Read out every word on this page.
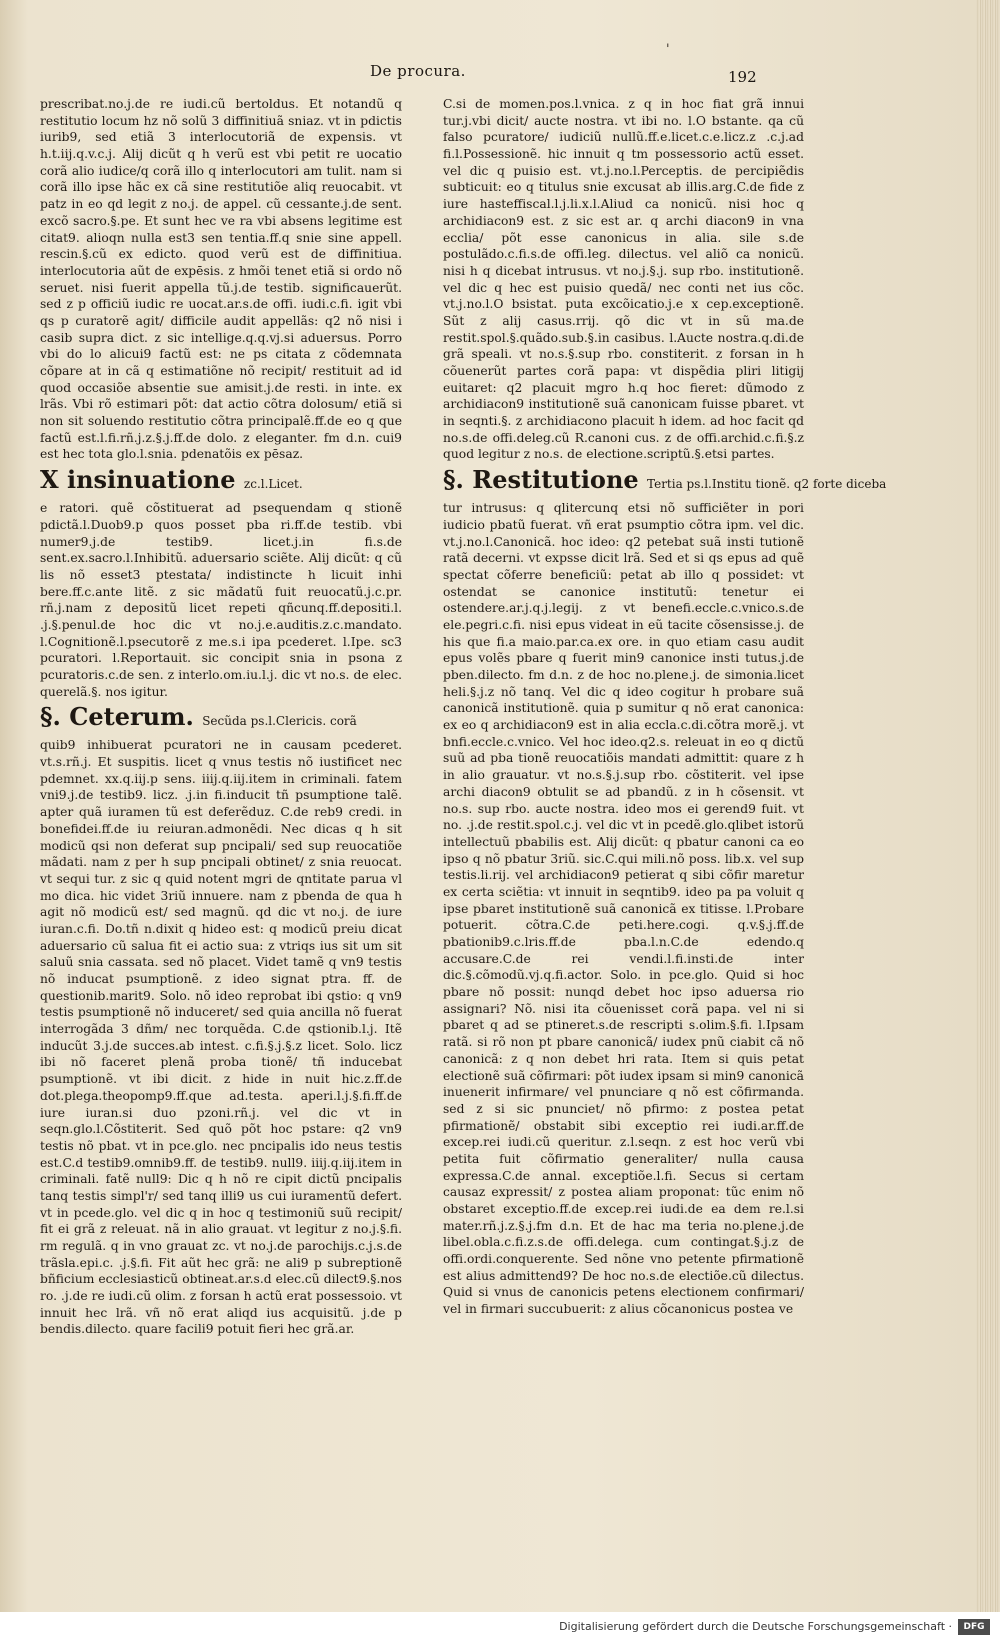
De procura.
'
192

prescribat.no.j.de re iudi.cũ bertoldus. Et notandũ q restitutio locum hz nõ solũ 3 diffinitiuã sniaz. vt in pdictis iurib9, sed etiã 3 interlocutoriã de expensis. vt h.t.iij.q.v.c.j. Alij dicũt q h verũ est vbi petit re uocatio corã alio iudice/q corã illo q interlocutori am tulit. nam si corã illo ipse hãc ex cã sine restitutiõe aliq reuocabit. vt patz in eo qd legit z no.j. de appel. cũ cessante.j.de sent. excõ sacro.§.pe. Et sunt hec ve ra vbi absens legitime est citat9. alioqn nulla est3 sen tentia.ff.q snie sine appell. rescin.§.cũ ex edicto. quod verũ est de diffinitiua. interlocutoria aũt de expēsis. z hmõi tenet etiã si ordo nõ seruet. nisi fuerit appella tũ.j.de testib. significauerũt. sed z p officiũ iudic re uocat.ar.s.de offi. iudi.c.fi. igit vbi qs p curatorẽ agit/ difficile audit appellãs: q2 nõ nisi i casib supra dict. z sic intellige.q.q.vj.si aduersus. Porro vbi do lo alicui9 factũ est: ne ps citata z cõdemnata cõpare at in cã q estimatiõne nõ recipit/ restituit ad id quod occasiõe absentie sue amisit.j.de resti. in inte. ex lrãs. Vbi rõ estimari põt: dat actio cõtra dolosum/ etiã si non sit soluendo restitutio cõtra principalẽ.ff.de eo q que factũ est.l.fi.rñ.j.z.§.j.ff.de dolo. z eleganter. fm d.n. cui9 est hec tota glo.l.snia. pdenatõis ex pēsaz.

X insinuatione zc.l.Licet.

e ratori. quẽ cõstituerat ad psequendam q stionẽ pdictã.l.Duob9.p quos posset pba ri.ff.de testib. vbi numer9.j.de testib9. licet.j.in fi.s.de sent.ex.sacro.l.Inhibitũ. aduersario sciẽte. Alij dicũt: q cũ lis nõ esset3 ptestata/ indistincte h licuit inhi bere.ff.c.ante litẽ. z sic mãdatũ fuit reuocatũ.j.c.pr. rñ.j.nam z depositũ licet repeti qñcunq.ff.depositi.l. .j.§.penul.de hoc dic vt no.j.e.auditis.z.c.mandato. l.Cognitionẽ.l.psecutorẽ z me.s.i ipa pcederet. l.Ipe. sc3 pcuratori. l.Reportauit. sic concipit snia in psona z pcuratoris.c.de sen. z interlo.om.iu.l.j. dic vt no.s. de elec. querelã.§. nos igitur.

§. Ceterum. Secũda ps.l.Clericis. corã

quib9 inhibuerat pcuratori ne in causam pcederet. vt.s.rñ.j. Et suspitis. licet q vnus testis nõ iustificet nec pdemnet. xx.q.iij.p sens. iiij.q.iij.item in criminali. fatem vni9.j.de testib9. licz. .j.in fi.inducit tñ psumptione talẽ. apter quã iuramen tũ est deferẽduz. C.de reb9 credi. in bonefidei.ff.de iu reiuran.admonẽdi. Nec dicas q h sit modicũ qsi non deferat sup pncipali/ sed sup reuocatiõe mãdati. nam z per h sup pncipali obtinet/ z snia reuocat. vt sequi tur. z sic q quid notent mgri de qntitate parua vl mo dica. hic videt 3riũ innuere. nam z pbenda de qua h agit nõ modicũ est/ sed magnũ. qd dic vt no.j. de iure iuran.c.fi. Do.tñ n.dixit q hideo est: q modicũ preiu dicat aduersario cũ salua fit ei actio sua: z vtriqs ius sit um sit saluũ snia cassata. sed nõ placet. Videt tamẽ q vn9 testis nõ inducat psumptionẽ. z ideo signat ptra. ff. de questionib.marit9. Solo. nõ ideo reprobat ibi qstio: q vn9 testis psumptionẽ nõ induceret/ sed quia ancilla nõ fuerat interrogãda 3 dñm/ nec torquẽda. C.de qstionib.l.j. Itẽ inducũt 3.j.de succes.ab intest. c.fi.§.j.§.z licet. Solo. licz ibi nõ faceret plenã proba tionẽ/ tñ inducebat psumptionẽ. vt ibi dicit. z hide in nuit hic.z.ff.de dot.plega.theopomp9.ff.que ad.testa. aperi.l.j.§.fi.ff.de iure iuran.si duo pzoni.rñ.j. vel dic vt in seqn.glo.l.Cõstiterit. Sed quõ põt hoc pstare: q2 vn9 testis nõ pbat. vt in pce.glo. nec pncipalis ido neus testis est.C.d testib9.omnib9.ff. de testib9. null9. iiij.q.iij.item in criminali. fatẽ null9: Dic q h nõ re cipit dictũ pncipalis tanq testis simpl'r/ sed tanq illi9 us cui iuramentũ defert. vt in pcede.glo. vel dic q in hoc q testimoniũ suũ recipit/ fit ei grã z releuat. nã in alio grauat. vt legitur z no.j.§.fi. rm regulã. q in vno grauat zc. vt no.j.de parochijs.c.j.s.de trãsla.epi.c. .j.§.fi. Fit aũt hec grã: ne ali9 p subreptionẽ bñficium ecclesiasticũ obtineat.ar.s.d elec.cũ dilect9.§.nos ro. .j.de re iudi.cũ olim. z forsan h actũ erat possessoio. vt innuit hec lrã. vñ nõ erat aliqd ius acquisitũ. j.de p bendis.dilecto. quare facili9 potuit fieri hec grã.ar.

C.si de momen.pos.l.vnica. z q in hoc fiat grã innui tur.j.vbi dicit/ aucte nostra. vt ibi no. l.O bstante. qa cũ falso pcuratore/ iudiciũ nullũ.ff.e.licet.c.e.licz.z .c.j.ad fi.l.Possessionẽ. hic innuit q tm possessorio actũ esset. vel dic q puisio est. vt.j.no.l.Perceptis. de percipiẽdis subticuit: eo q titulus snie excusat ab illis.arg.C.de fide z iure hasteffiscal.l.j.li.x.l.Aliud ca nonicũ. nisi hoc q archidiacon9 est. z sic est ar. q archi diacon9 in vna ecclia/ põt esse canonicus in alia. sile s.de postulãdo.c.fi.s.de offi.leg. dilectus. vel aliõ ca nonicũ. nisi h q dicebat intrusus. vt no.j.§.j. sup rbo. institutionẽ. vel dic q hec est puisio quedã/ nec conti net ius cõc. vt.j.no.l.O bsistat. puta excõicatio.j.e x cep.exceptionẽ. Sũt z alij casus.rrij. qõ dic vt in sũ ma.de restit.spol.§.quãdo.sub.§.in casibus. l.Aucte nostra.q.di.de grã speali. vt no.s.§.sup rbo. constiterit. z forsan in h cõuenerũt partes corã papa: vt dispẽdia pliri litigij euitaret: q2 placuit mgro h.q hoc fieret: dũmodo z archidiacon9 institutionẽ suã canonicam fuisse pbaret. vt in seqnti.§. z archidiacono placuit h idem. ad hoc facit qd no.s.de offi.deleg.cũ R.canoni cus. z de offi.archid.c.fi.§.z quod legitur z no.s. de electione.scriptũ.§.etsi partes.

§. Restitutione Tertia ps.l.Institu tionẽ. q2 forte diceba

tur intrusus: q qlitercunq etsi nõ sufficiẽter in pori iudicio pbatũ fuerat. vñ erat psumptio cõtra ipm. vel dic. vt.j.no.l.Canonicã. hoc ideo: q2 petebat suã insti tutionẽ ratã decerni. vt expsse dicit lrã. Sed et si qs epus ad quẽ spectat cõferre beneficiũ: petat ab illo q possidet: vt ostendat se canonice institutũ: tenetur ei ostendere.ar.j.q.j.legij. z vt benefi.eccle.c.vnico.s.de ele.pegri.c.fi. nisi epus videat in eũ tacite cõsensisse.j. de his que fi.a maio.par.ca.ex ore. in quo etiam casu audit epus volẽs pbare q fuerit min9 canonice insti tutus.j.de pben.dilecto. fm d.n. z de hoc no.plene.j. de simonia.licet heli.§.j.z nõ tanq. Vel dic q ideo cogitur h probare suã canonicã institutionẽ. quia p sumitur q nõ erat canonica: ex eo q archidiacon9 est in alia eccla.c.di.cõtra morẽ.j. vt bnfi.eccle.c.vnico. Vel hoc ideo.q2.s. releuat in eo q dictũ suũ ad pba tionẽ reuocatiõis mandati admittit: quare z h in alio grauatur. vt no.s.§.j.sup rbo. cõstiterit. vel ipse archi diacon9 obtulit se ad pbandũ. z in h cõsensit. vt no.s. sup rbo. aucte nostra. ideo mos ei gerend9 fuit. vt no. .j.de restit.spol.c.j. vel dic vt in pcedẽ.glo.qlibet istorũ intellectuũ pbabilis est. Alij dicũt: q pbatur canoni ca eo ipso q nõ pbatur 3riũ. sic.C.qui mili.nõ poss. lib.x. vel sup testis.li.rij. vel archidiacon9 petierat q sibi cõfir maretur ex certa sciẽtia: vt innuit in seqntib9. ideo pa pa voluit q ipse pbaret institutionẽ suã canonicã ex titisse. l.Probare potuerit. cõtra.C.de peti.here.cogi. q.v.§.j.ff.de pbationib9.c.lris.ff.de pba.l.n.C.de edendo.q accusare.C.de rei vendi.l.fi.insti.de inter dic.§.cõmodũ.vj.q.fi.actor. Solo. in pce.glo. Quid si hoc pbare nõ possit: nunqd debet hoc ipso aduersa rio assignari? Nõ. nisi ita cõuenisset corã papa. vel ni si pbaret q ad se ptineret.s.de rescripti s.olim.§.fi. l.Ipsam ratã. si rõ non pt pbare canonicã/ iudex pnũ ciabit cã nõ canonicã: z q non debet hri rata. Item si quis petat electionẽ suã cõfirmari: põt iudex ipsam si min9 canonicã inuenerit infirmare/ vel pnunciare q nõ est cõfirmanda. sed z si sic pnunciet/ nõ pfirmo: z postea petat pfirmationẽ/ obstabit sibi exceptio rei iudi.ar.ff.de excep.rei iudi.cũ queritur. z.l.seqn. z est hoc verũ vbi petita fuit cõfirmatio generaliter/ nulla causa expressa.C.de annal. exceptiõe.l.fi. Secus si certam causaz expressit/ z postea aliam proponat: tũc enim nõ obstaret exceptio.ff.de excep.rei iudi.de ea dem re.l.si mater.rñ.j.z.§.j.fm d.n. Et de hac ma teria no.plene.j.de libel.obla.c.fi.z.s.de offi.delega. cum contingat.§.j.z de offi.ordi.conquerente. Sed nõne vno petente pfirmationẽ est alius admittend9? De hoc no.s.de electiõe.cũ dilectus. Quid si vnus de canonicis petens electionem confirmari/ vel in firmari succubuerit: z alius cõcanonicus postea ve

Digitalisierung gefördert durch die Deutsche Forschungsgemeinschaft ·	DFG
